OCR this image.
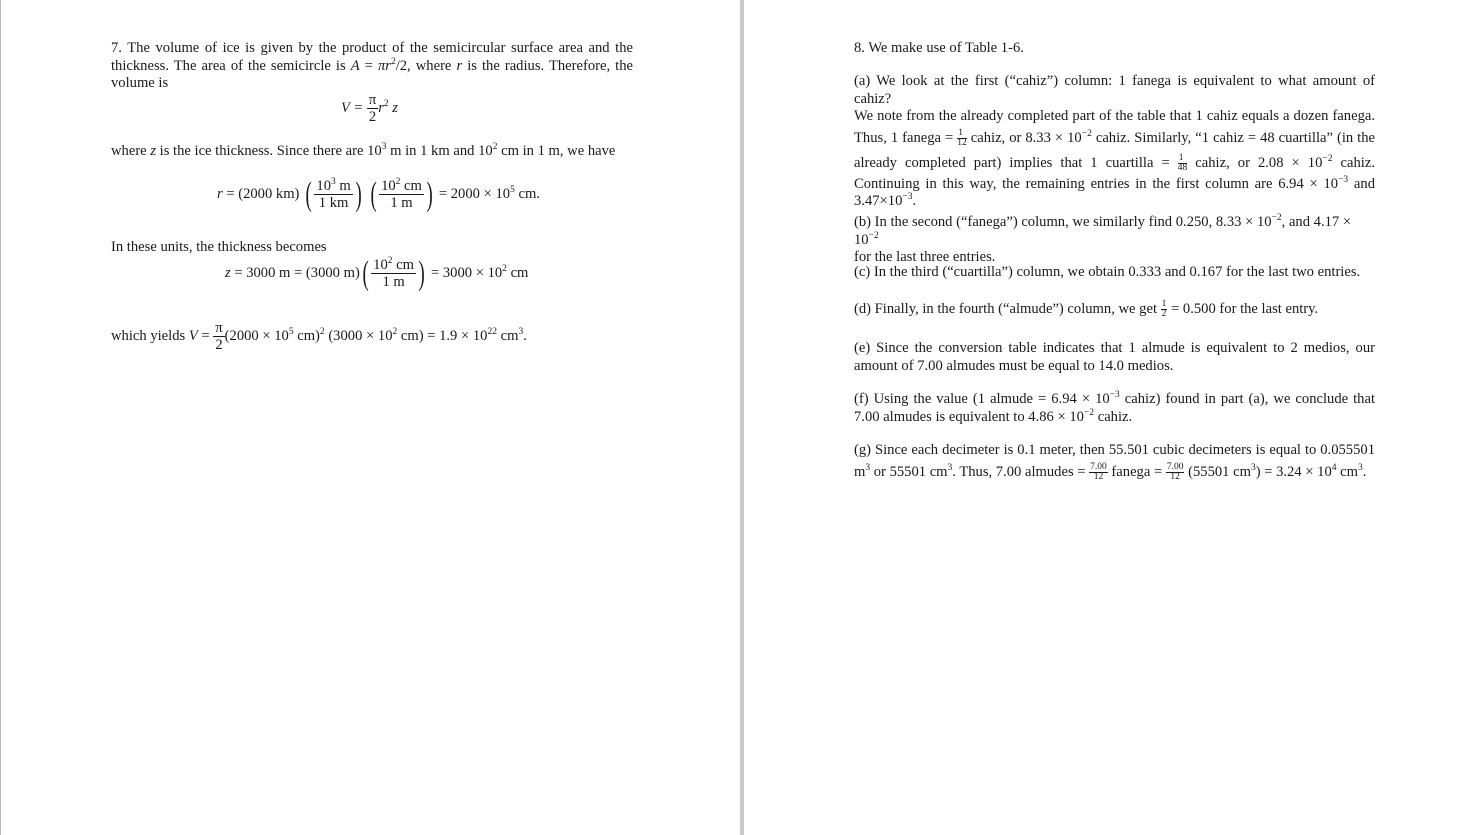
7. The volume of ice is given by the product of the semicircular surface area and the
thickness. The area of the semicircle is $A = \pi r^2/2$, where r is the radius. Therefore, the
volume is
$V = \frac{\pi}{2} r^2$ z
where z is the ice thickness. Since there are $10^3$ m in 1 km and $10^2$ cm in 1 m, we have
r = (2000 km) ( $\frac{10^3 m}{1 km}$ ) ( $\frac{10^2 cm}{1 m}$ ) = $2000 \times 10^5$ cm.
In these units, the thickness becomes
z = 3000 m = (3000 $m)( \frac{10^2 cm}{1 m}$ ) = $3000 \times 10^2$ cm
which yields $V = \frac{\pi}{2} (2000 \times 10^5$ cm)$^2$ ($3000 \times 10^2$ $cm) = 1.9 \times 10^{22}$ $cm^3$.
8. We make use of Table 1-6.
(a) We look at the first (“cahiz”) column: 1 fanega is equivalent to what amount of cahiz?
We note from the already completed part of the table that 1 cahiz equals a dozen fanega.
Thus, 1 fanega = $\frac{1}{12}$ cahiz, or $8.33 \times 10^{-2}$ cahiz. Similarly, “1 cahiz = 48 cuartilla” (in the
already completed part) implies that 1 cuartilla = $\frac{1}{48}$ cahiz, or $2.08 \times 10^{-2}$ cahiz.
Continuing in this way, the remaining entries in the first column are $6.94 \times 10^{-3}$ and
$3.47\times 10^{-3}$.
(b) In the second (“fanega”) column, we similarly find 0.250, $8.33 \times 10^{-2}$, and $4.17 \times 10^{-2}$
for the last three entries.
(c) In the third (“cuartilla”) column, we obtain 0.333 and 0.167 for the last two entries.
(d) Finally, in the fourth (“almude”) column, we get $\frac{1}{2} = 0.500$ for the last entry.
(e) Since the conversion table indicates that 1 almude is equivalent to 2 medios, our
amount of 7.00 almudes must be equal to 14.0 medios.
(f) Using the value (1 almude = $6.94 \times 10^{-3}$ cahiz) found in part (a), we conclude that
7.00 almudes is equivalent to $4.86 \times 10^{-2}$ cahiz.
(g) Since each decimeter is 0.1 meter, then 55.501 cubic decimeters is equal to 0.055501
$m^3$ or 55501 $cm^3$. Thus, 7.00 almudes = $\frac{7.00}{12}$ fanega = $\frac{7.00}{12} (55501$ $cm^3) = 3.24 \times 10^4$ $cm^3$.
